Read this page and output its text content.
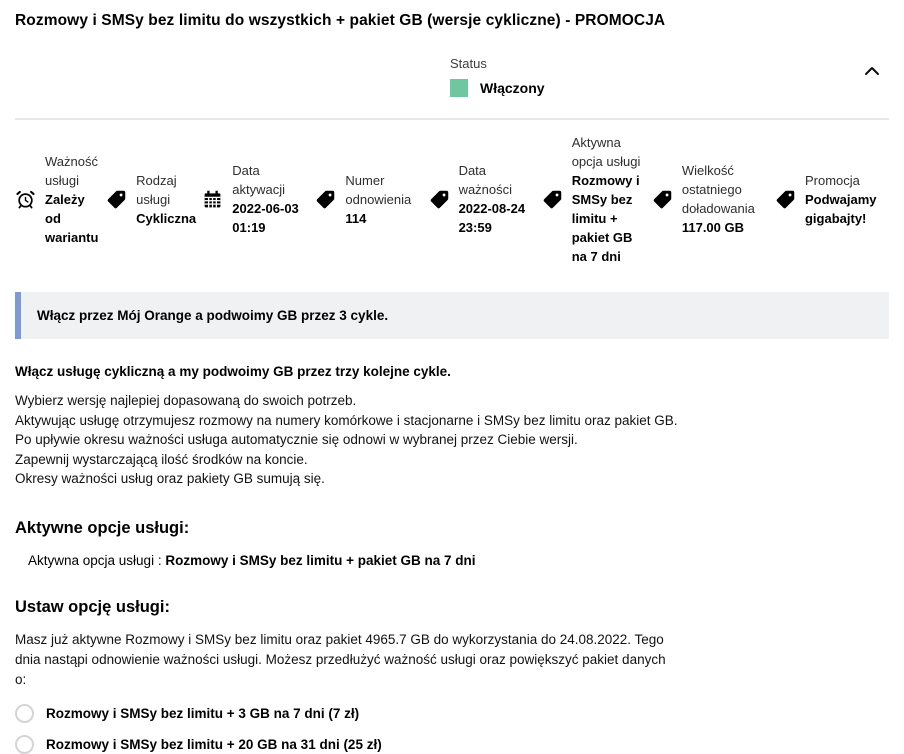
Rozmowy i SMSy bez limitu do wszystkich + pakiet GB (wersje cykliczne) - PROMOCJA
Status
Włączony
Ważność usługi
Zależy od wariantu
Rodzaj usługi
Cykliczna
Data aktywacji
2022-06-03 01:19
Numer odnowienia
114
Data ważności
2022-08-24 23:59
Aktywna opcja usługi
Rozmowy i SMSy bez limitu + pakiet GB na 7 dni
Wielkość ostatniego doładowania
117.00 GB
Promocja
Podwajamy gigabajty!
Włącz przez Mój Orange a podwoimy GB przez 3 cykle.

Włącz usługę cykliczną a my podwoimy GB przez trzy kolejne cykle.

Wybierz wersję najlepiej dopasowaną do swoich potrzeb.
Aktywując usługę otrzymujesz rozmowy na numery komórkowe i stacjonarne i SMSy bez limitu oraz pakiet GB.
Po upływie okresu ważności usługa automatycznie się odnowi w wybranej przez Ciebie wersji.
Zapewnij wystarczającą ilość środków na koncie.
Okresy ważności usług oraz pakiety GB sumują się.
Aktywne opcje usługi:

Aktywna opcja usługi : Rozmowy i SMSy bez limitu + pakiet GB na 7 dni

Ustaw opcję usługi:

Masz już aktywne Rozmowy i SMSy bez limitu oraz pakiet 4965.7 GB do wykorzystania do 24.08.2022. Tego dnia nastąpi odnowienie ważności usługi. Możesz przedłużyć ważność usługi oraz powiększyć pakiet danych o:

Rozmowy i SMSy bez limitu + 3 GB na 7 dni (7 zł)
Rozmowy i SMSy bez limitu + 20 GB na 31 dni (25 zł)
